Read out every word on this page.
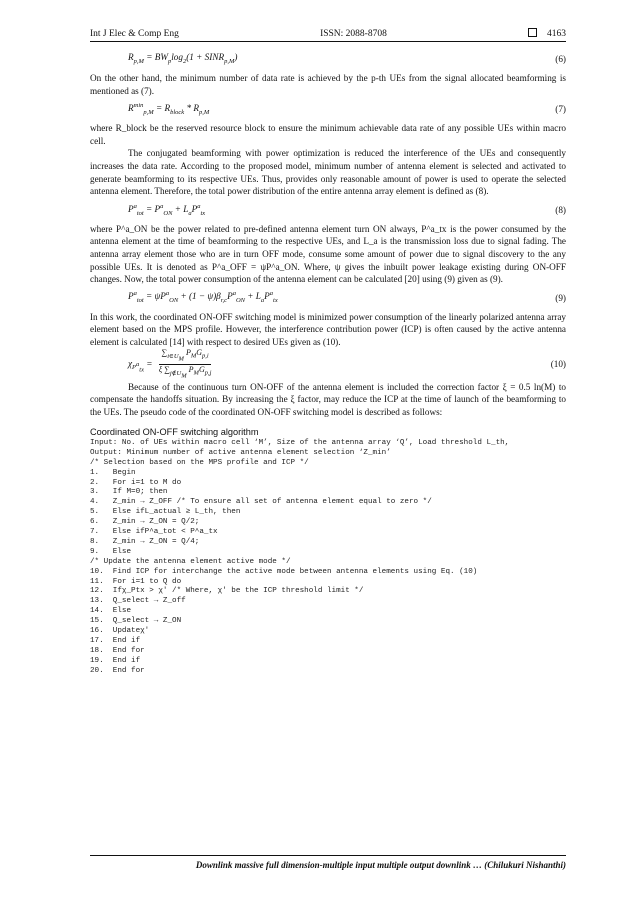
Int J Elec & Comp Eng	ISSN: 2088-8708	4163
$R_{p,M} = BW_p\log_2(1$ + $SINR_{p,M}$)	(6)

On the other hand, the minimum number of data rate is achieved by the p-th UEs from the signal allocated beamforming is mentioned as (7).

$R^{min}_{p,M} = R_{block} * R_{p,M}$	(7)

where R_block be the reserved resource block to ensure the minimum achievable data rate of any possible UEs within macro cell.

The conjugated beamforming with power optimization is reduced the interference of the UEs and consequently increases the data rate. According to the proposed model, minimum number of antenna element is selected and activated to generate beamforming to its respective UEs. Thus, provides only reasonable amount of power is used to operate the selected antenna element. Therefore, the total power distribution of the entire antenna array element is defined as (8).

$P^a_{tot} = P^a_{ON} + L_aP^a_{tx}$	(8)

where P^a_ON be the power related to pre-defined antenna element turn ON always, P^a_tx is the power consumed by the antenna element at the time of beamforming to the respective UEs, and L_a is the transmission loss due to signal fading. The antenna array element those who are in turn OFF mode, consume some amount of power due to signal discovery to the any possible UEs. It is denoted as P^a_OFF = ψP^a_ON. Where, ψ gives the inbuilt power leakage existing during ON-OFF changes. Now, the total power consumption of the antenna element can be calculated [20] using (9) given as (9).

$P^a_{tot} = \psi P^a_{ON} + (1 - \psi)\beta_{r,c}P^a_{ON} + L_aP^a_{tx}$	(9)

In this work, the coordinated ON-OFF switching model is minimized power consumption of the linearly polarized antenna array element based on the MPS profile. However, the interference contribution power (ICP) is often caused by the active antenna element is calculated [14] with respect to desired UEs given as (10).

$\chi_{P^a_{tx}} = \frac{\sum_{i\in U_M} P_MG_{p,i}}{\xi \sum_{j\notin U_M} P_MG_{p,j}}$	(10)

Because of the continuous turn ON-OFF of the antenna element is included the correction factor ξ = 0.5 ln(M) to compensate the handoffs situation. By increasing the ξ factor, may reduce the ICP at the time of launch of the beamforming to the UEs. The pseudo code of the coordinated ON-OFF switching model is described as follows:

Coordinated ON-OFF switching algorithm
Input: No. of UEs within macro cell ‘M’, Size of the antenna array ‘Q’, Load threshold L_th,
Output: Minimum number of active antenna element selection ‘Z_min’
/* Selection based on the MPS profile and ICP */
1.   Begin
2.   For i=1 to M do
3.   If M=0; then
4.   Z_min → Z_OFF /* To ensure all set of antenna element equal to zero */
5.   Else ifL_actual ≥ L_th, then
6.   Z_min → Z_ON = Q/2;
7.   Else ifP^a_tot < P^a_tx
8.   Z_min → Z_ON = Q/4;
9.   Else
/* Update the antenna element active mode */
10.  Find ICP for interchange the active mode between antenna elements using Eq. (10)
11.  For i=1 to Q do
12.  Ifχ_Ptx > χ′ /* Where, χ′ be the ICP threshold limit */
13.  Q_select → Z_off
14.  Else
15.  Q_select → Z_ON
16.  Updateχ′
17.  End if
18.  End for
19.  End if
20.  End for
Downlink massive full dimension-multiple input multiple output downlink … (Chilukuri Nishanthi)
